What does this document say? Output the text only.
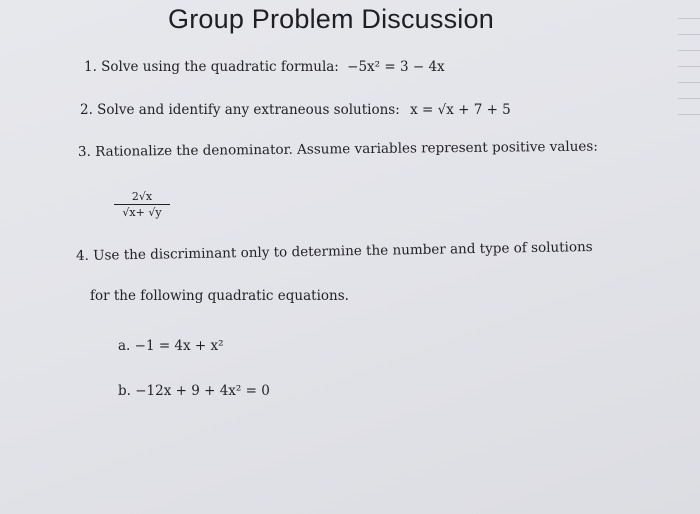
Group Problem Discussion
1. Solve using the quadratic formula: −5x² = 3 − 4x
2. Solve and identify any extraneous solutions: x = √x + 7 + 5
3. Rationalize the denominator. Assume variables represent positive values:
2√x
√x+ √y
4. Use the discriminant only to determine the number and type of solutions
for the following quadratic equations.
a. −1 = 4x + x²
b. −12x + 9 + 4x² = 0
